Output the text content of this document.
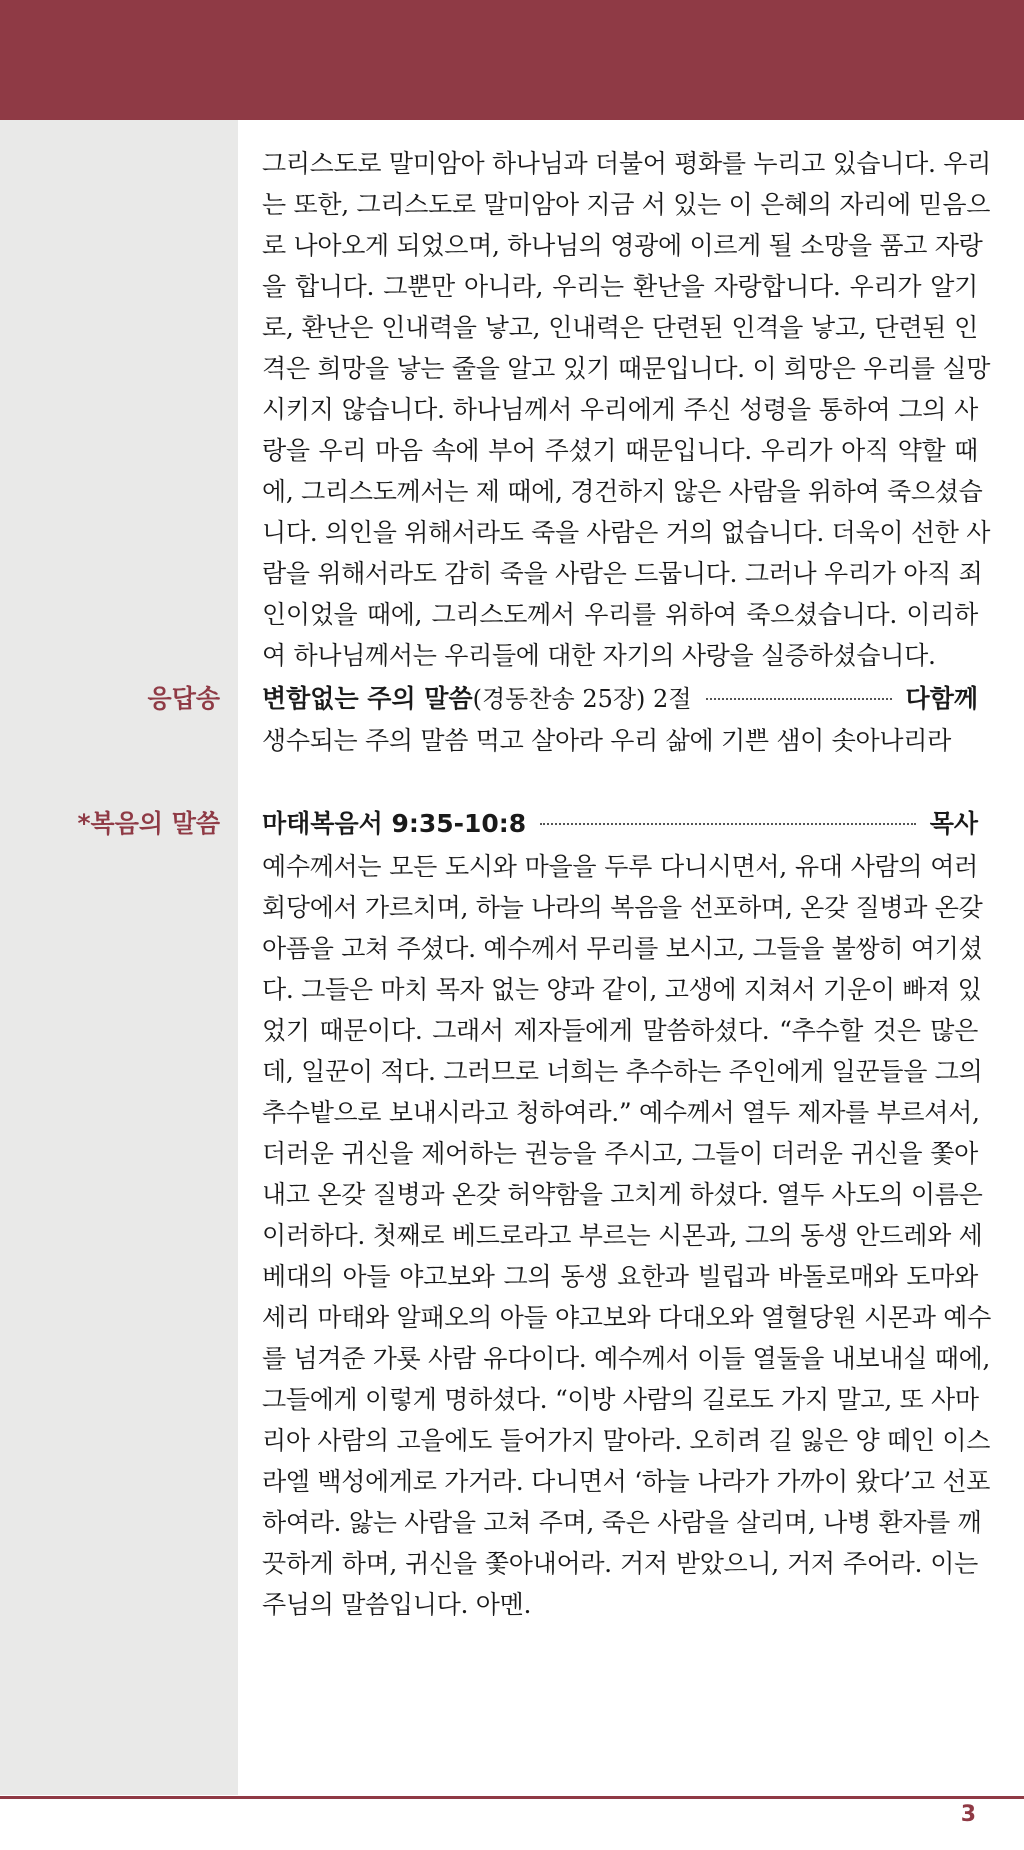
그리스도로 말미암아 하나님과 더불어 평화를 누리고 있습니다. 우리
는 또한, 그리스도로 말미암아 지금 서 있는 이 은혜의 자리에 믿음으
로 나아오게 되었으며, 하나님의 영광에 이르게 될 소망을 품고 자랑
을 합니다. 그뿐만 아니라, 우리는 환난을 자랑합니다. 우리가 알기
로, 환난은 인내력을 낳고, 인내력은 단련된 인격을 낳고, 단련된 인
격은 희망을 낳는 줄을 알고 있기 때문입니다. 이 희망은 우리를 실망
시키지 않습니다. 하나님께서 우리에게 주신 성령을 통하여 그의 사
랑을 우리 마음 속에 부어 주셨기 때문입니다. 우리가 아직 약할 때
에, 그리스도께서는 제 때에, 경건하지 않은 사람을 위하여 죽으셨습
니다. 의인을 위해서라도 죽을 사람은 거의 없습니다. 더욱이 선한 사
람을 위해서라도 감히 죽을 사람은 드뭅니다. 그러나 우리가 아직 죄
인이었을 때에, 그리스도께서 우리를 위하여 죽으셨습니다. 이리하
여 하나님께서는 우리들에 대한 자기의 사랑을 실증하셨습니다.
응답송 변함없는 주의 말씀 (경동찬송 25장) 2절	다함께
생수되는 주의 말씀 먹고 살아라 우리 삶에 기쁜 샘이 솟아나리라
*복음의 말씀 마태복음서 9:35-10:8	목사
예수께서는 모든 도시와 마을을 두루 다니시면서, 유대 사람의 여러
회당에서 가르치며, 하늘 나라의 복음을 선포하며, 온갖 질병과 온갖
아픔을 고쳐 주셨다. 예수께서 무리를 보시고, 그들을 불쌍히 여기셨
다. 그들은 마치 목자 없는 양과 같이, 고생에 지쳐서 기운이 빠져 있
었기 때문이다. 그래서 제자들에게 말씀하셨다. “추수할 것은 많은
데, 일꾼이 적다. 그러므로 너희는 추수하는 주인에게 일꾼들을 그의
추수밭으로 보내시라고 청하여라.” 예수께서 열두 제자를 부르셔서,
더러운 귀신을 제어하는 권능을 주시고, 그들이 더러운 귀신을 쫓아
내고 온갖 질병과 온갖 허약함을 고치게 하셨다. 열두 사도의 이름은
이러하다. 첫째로 베드로라고 부르는 시몬과, 그의 동생 안드레와 세
베대의 아들 야고보와 그의 동생 요한과 빌립과 바돌로매와 도마와
세리 마태와 알패오의 아들 야고보와 다대오와 열혈당원 시몬과 예수
를 넘겨준 가룟 사람 유다이다. 예수께서 이들 열둘을 내보내실 때에,
그들에게 이렇게 명하셨다. “이방 사람의 길로도 가지 말고, 또 사마
리아 사람의 고을에도 들어가지 말아라. 오히려 길 잃은 양 떼인 이스
라엘 백성에게로 가거라. 다니면서 ‘하늘 나라가 가까이 왔다’고 선포
하여라. 앓는 사람을 고쳐 주며, 죽은 사람을 살리며, 나병 환자를 깨
끗하게 하며, 귀신을 쫓아내어라. 거저 받았으니, 거저 주어라. 이는
주님의 말씀입니다. 아멘.
3
